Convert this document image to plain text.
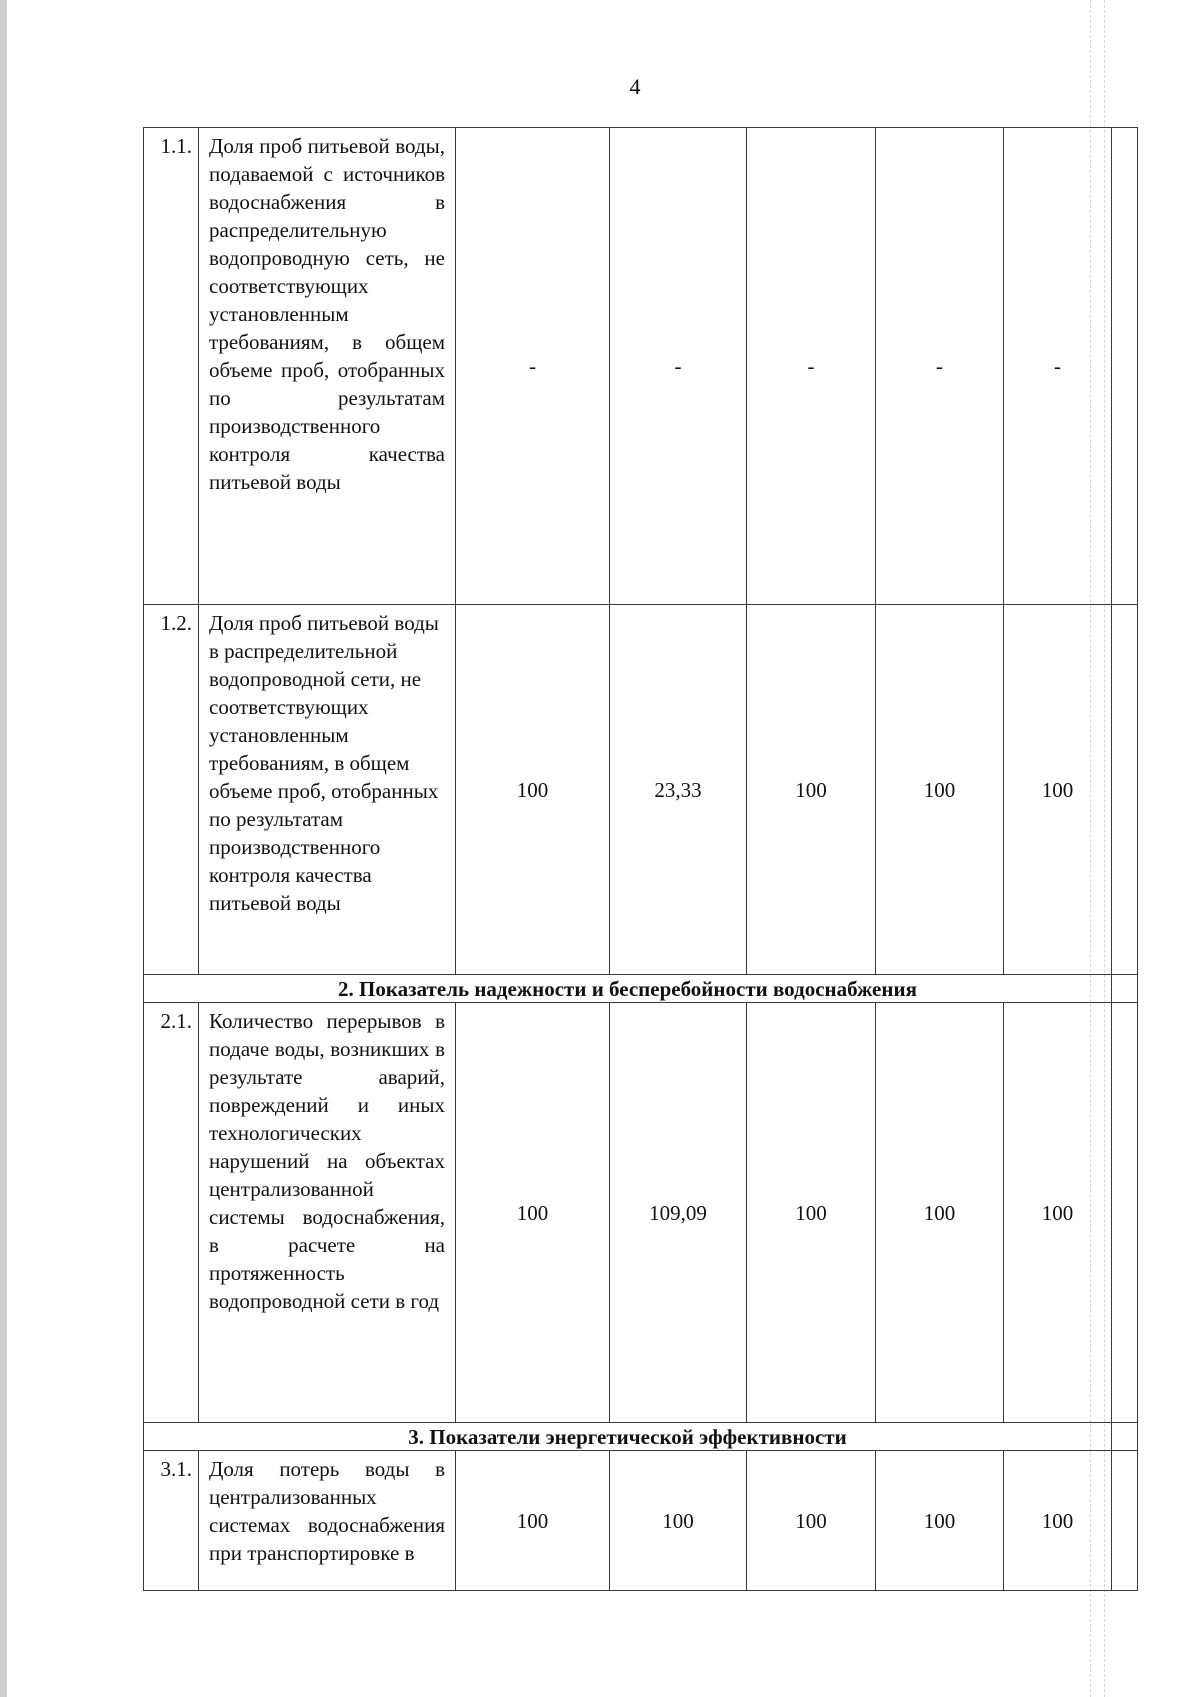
4
1.1.	Доля проб питьевой воды, подаваемой с источников водоснабжения в распределительную водопроводную сеть, не соответствующих установленным требованиям, в общем объеме проб, отобранных по результатам производственного контроля качества питьевой воды	-	-	-	-	-	
1.2.	Доля проб питьевой воды в распределительной водопроводной сети, не соответствующих установленным требованиям, в общем объеме проб, отобранных по результатам производственного контроля качества питьевой воды	100	23,33	100	100	100	
2. Показатель надежности и бесперебойности водоснабжения							
2.1.	Количество перерывов в подаче воды, возникших в результате аварий, повреждений и иных технологических нарушений на объектах централизованной системы водоснабжения, в расчете на протяженность водопроводной сети в год	100	109,09	100	100	100	
3. Показатели энергетической эффективности							
3.1.	Доля потерь воды в централизованных системах водоснабжения при транспортировке в	100	100	100	100	100	
